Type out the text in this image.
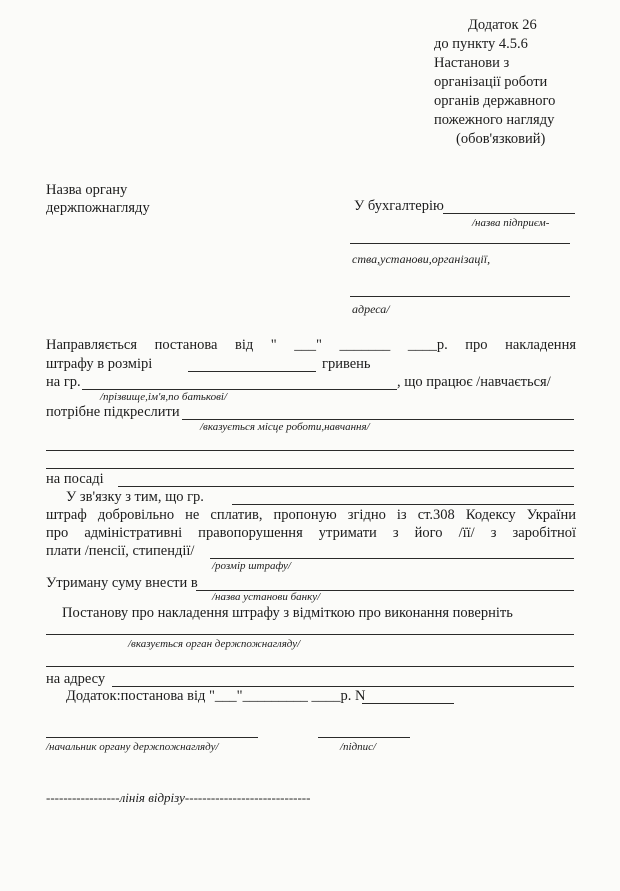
Додаток 26
до пункту 4.5.6
Настанови з
організації роботи
органів державного
пожежного нагляду
(обов'язковий)
Назва органу
держпожнагляду	У бухгалтерію
/назва підприєм-
ства,установи,організації,
адреса/
Направляється постанова від " ___" _______ ____р. про накладення
штрафу в розмірі	гривень
на гр.	, що працює /навчається/
/прізвище,ім'я,по батькові/
потрібне підкреслити
/вказується місце роботи,навчання/
на посаді
У зв'язку з тим, що гр.
штраф добровільно не сплатив, пропоную згідно із ст.308 Кодексу України
про адміністративні правопорушення утримати з його /її/ з заробітної
плати /пенсії, стипендії/
/розмір штрафу/
Утриману суму внести в
/назва установи банку/
Постанову про накладення штрафу з відміткою про виконання поверніть
/вказується орган держпожнагляду/
на адресу
Додаток:постанова від "___"_________ ____р. N
/начальник органу держпожнагляду/	/підпис/
-----------------лінія відрізу-----------------------------
